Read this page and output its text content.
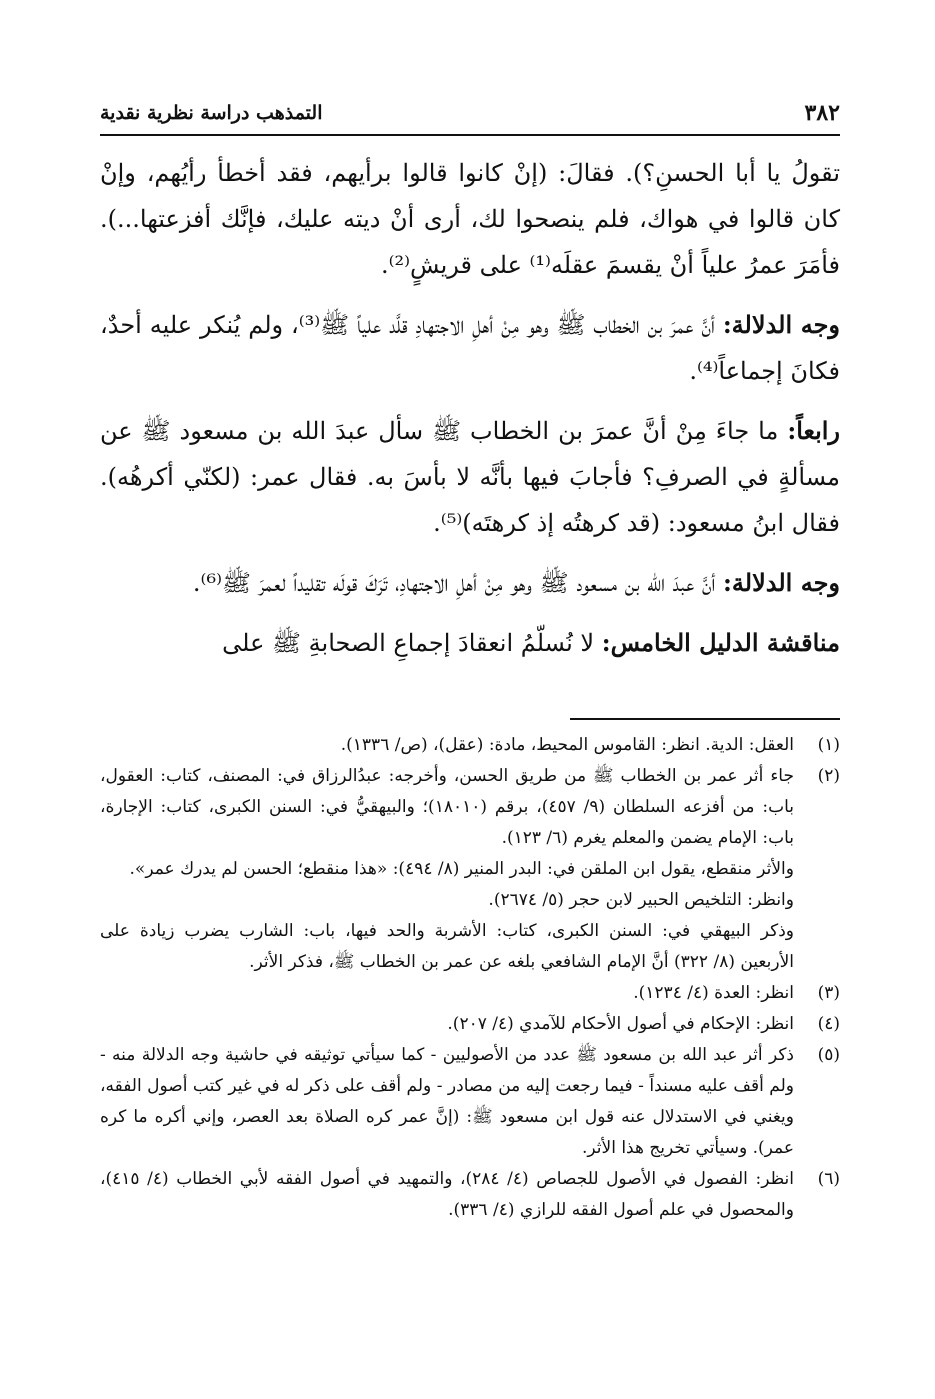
٣٨٢
التمذهب دراسة نظرية نقدية

تقولُ يا أبا الحسنِ؟). فقالَ: (إنْ كانوا قالوا برأيهم، فقد أخطأ رأيُهم، وإنْ كان قالوا في هواك، فلم ينصحوا لك، أرى أنْ ديته عليك، فإنَّك أفزعتها...). فأمَرَ عمرُ علياً أنْ يقسمَ عقلَه⁽¹⁾ على قريشٍ⁽²⁾.

وجه الدلالة: أنَّ عمرَ بن الخطاب ﷺ وهو مِنْ أهلِ الاجتهادِ قلَّد علياً ﷺ⁽³⁾، ولم يُنكر عليه أحدٌ، فكانَ إجماعاً⁽⁴⁾.

رابعاً: ما جاءَ مِنْ أنَّ عمرَ بن الخطاب ﷺ سأل عبدَ الله بن مسعود ﷺ عن مسألةٍ في الصرفِ؟ فأجابَ فيها بأنَّه لا بأسَ به. فقال عمر: (لكنّي أكرهُه). فقال ابنُ مسعود: (قد كرهتُه إذ كرهتَه)⁽⁵⁾.

وجه الدلالة: أنَّ عبدَ الله بن مسعود ﷺ وهو مِنْ أهلِ الاجتهادِ، تَرَكَ قولَه تقليداً لعمرَ ﷺ⁽⁶⁾.

مناقشة الدليل الخامس: لا نُسلّمُ انعقادَ إجماعِ الصحابةِ ﷺ على

(١)
العقل: الدية. انظر: القاموس المحيط، مادة: (عقل)، (ص/ ١٣٣٦).
(٢)
جاء أثر عمر بن الخطاب ﷺ من طريق الحسن، وأخرجه: عبدُالرزاق في: المصنف، كتاب: العقول، باب: من أفزعه السلطان (٩/ ٤٥٧)، برقم (١٨٠١٠)؛ والبيهقيُّ في: السنن الكبرى، كتاب: الإجارة، باب: الإمام يضمن والمعلم يغرم (٦/ ١٢٣).
والأثر منقطع، يقول ابن الملقن في: البدر المنير (٨/ ٤٩٤): «هذا منقطع؛ الحسن لم يدرك عمر».
وانظر: التلخيص الحبير لابن حجر (٥/ ٢٦٧٤).
وذكر البيهقي في: السنن الكبرى، كتاب: الأشربة والحد فيها، باب: الشارب يضرب زيادة على الأربعين (٨/ ٣٢٢) أنَّ الإمام الشافعي بلغه عن عمر بن الخطاب ﷺ، فذكر الأثر.
(٣)
انظر: العدة (٤/ ١٢٣٤).
(٤)
انظر: الإحكام في أصول الأحكام للآمدي (٤/ ٢٠٧).
(٥)
ذكر أثر عبد الله بن مسعود ﷺ عدد من الأصوليين - كما سيأتي توثيقه في حاشية وجه الدلالة منه - ولم أقف عليه مسنداً - فيما رجعت إليه من مصادر - ولم أقف على ذكر له في غير كتب أصول الفقه، ويغني في الاستدلال عنه قول ابن مسعود ﷺ: (إنَّ عمر كره الصلاة بعد العصر، وإني أكره ما كره عمر). وسيأتي تخريج هذا الأثر.
(٦)
انظر: الفصول في الأصول للجصاص (٤/ ٢٨٤)، والتمهيد في أصول الفقه لأبي الخطاب (٤/ ٤١٥)، والمحصول في علم أصول الفقه للرازي (٤/ ٣٣٦).
